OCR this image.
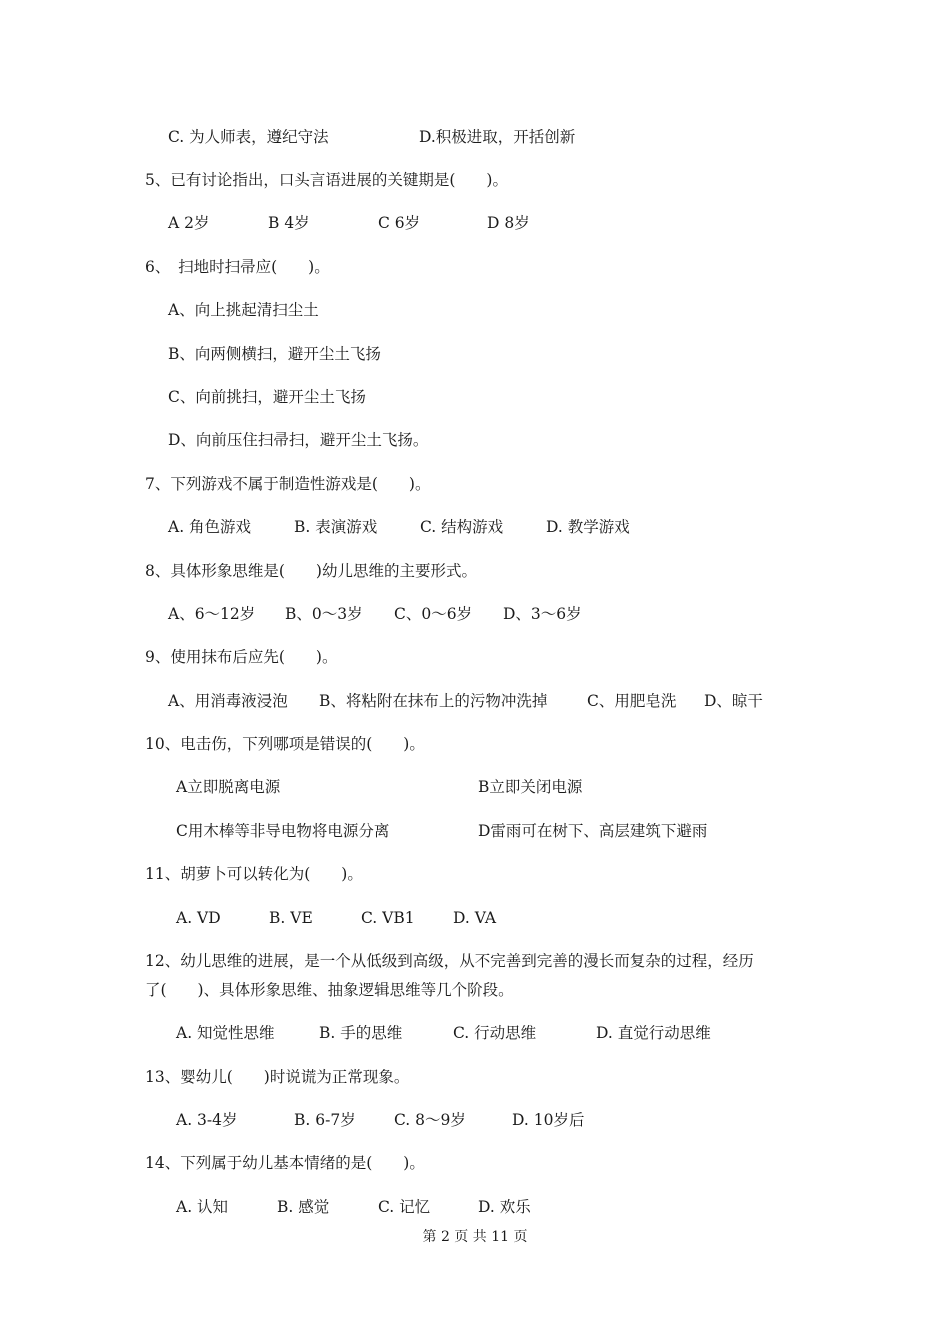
C. 为人师表，遵纪守法	D.积极进取，开括创新
5、已有讨论指出，口头言语进展的关键期是(　　)。
A 2岁	B 4岁	C 6岁	D 8岁
6、　扫地时扫帚应(　　)。
A、向上挑起清扫尘土
B、向两侧横扫，避开尘土飞扬
C、向前挑扫，避开尘土飞扬
D、向前压住扫帚扫，避开尘土飞扬。
7、下列游戏不属于制造性游戏是(　　)。
A. 角色游戏	B. 表演游戏	C. 结构游戏	D. 教学游戏
8、具体形象思维是(　　)幼儿思维的主要形式。
A、6～12岁 B、0～3岁 C、0～6岁 D、3～6岁
9、使用抹布后应先(　　)。
A、用消毒液浸泡 B、将粘附在抹布上的污物冲洗掉	C、用肥皂洗 D、晾干
10、电击伤，下列哪项是错误的(　　)。
A立即脱离电源	B立即关闭电源
C用木棒等非导电物将电源分离	D雷雨可在树下、高层建筑下避雨
11、胡萝卜可以转化为(　　)。
A. VD	B. VE	C. VB1 D. VA
12、幼儿思维的进展，是一个从低级到高级，从不完善到完善的漫长而复杂的过程，经历
了(　　)、具体形象思维、抽象逻辑思维等几个阶段。
A. 知觉性思维	B. 手的思维	C. 行动思维	D. 直觉行动思维
13、婴幼儿(　　)时说谎为正常现象。
A. 3-4岁	B. 6-7岁 C. 8～9岁	D. 10岁后
14、下列属于幼儿基本情绪的是(　　)。
A. 认知	B. 感觉	C. 记忆	D. 欢乐
第 2 页 共 11 页
